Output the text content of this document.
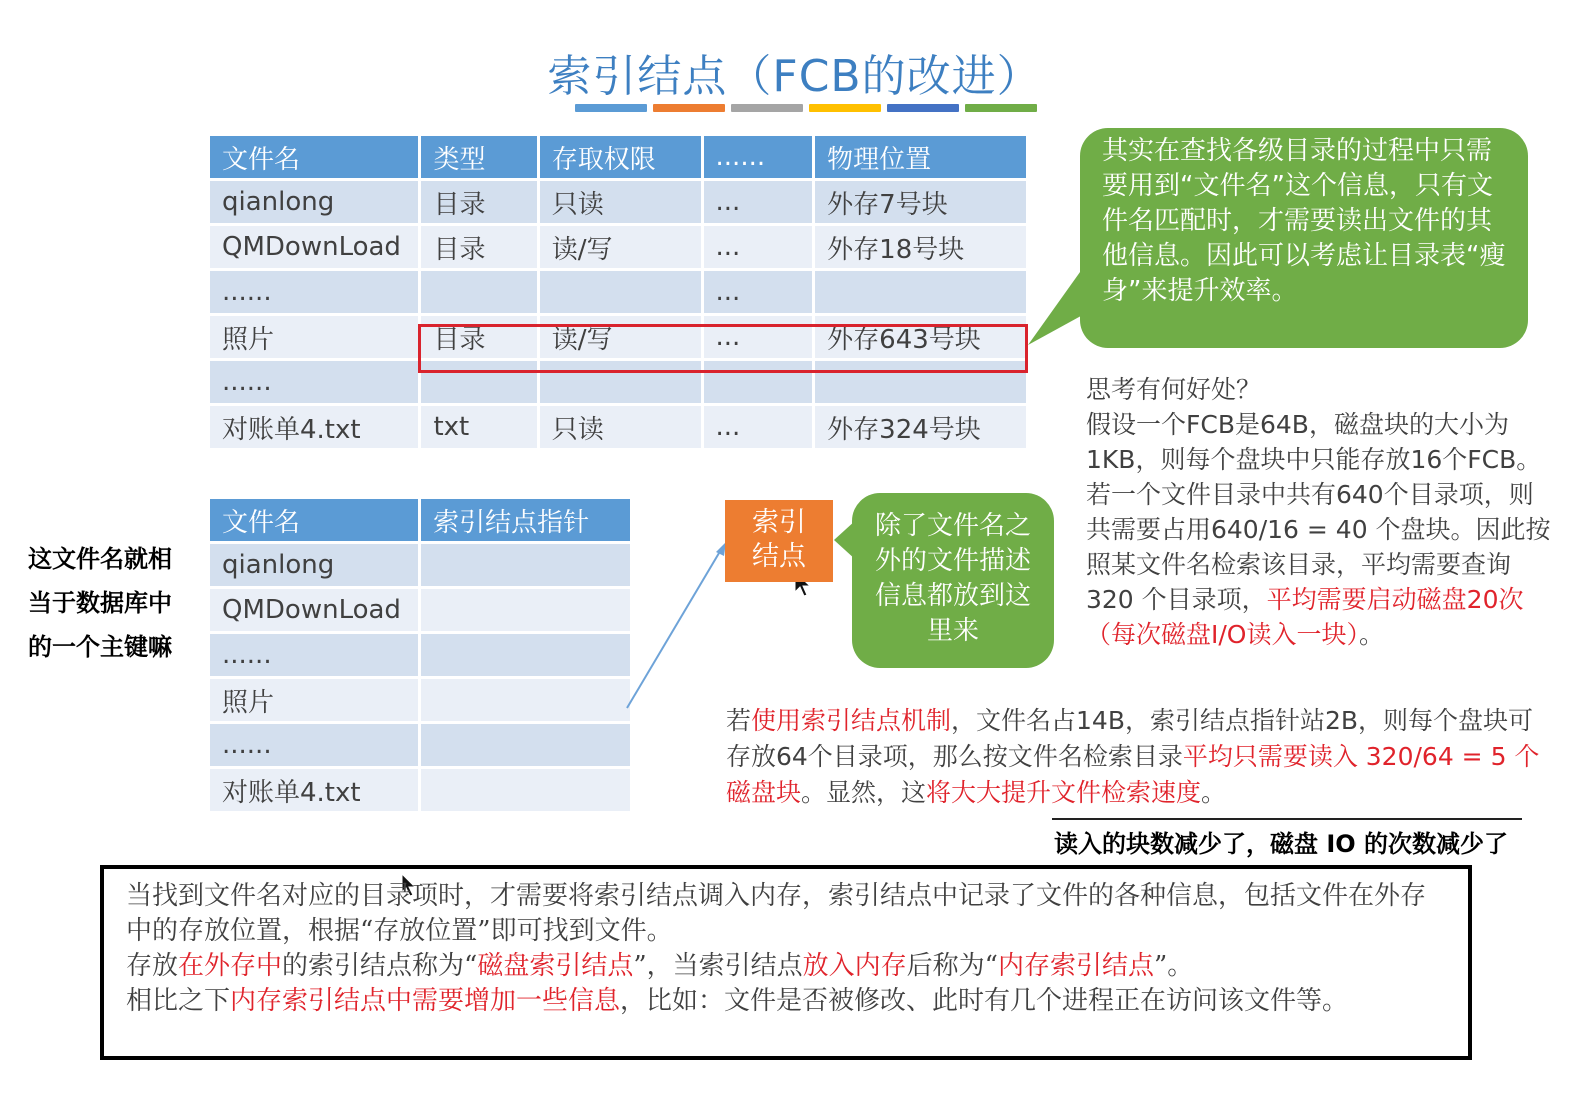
索引结点（FCB的改进）
文件名	类型	存取权限	......	物理位置
qianlong	目录	只读	...	外存7号块
QMDownLoad	目录	读/写	...	外存18号块
......			...	
照片	目录	读/写	...	外存643号块
......				
对账单4.txt	txt	只读	...	外存324号块
文件名	索引结点指针
qianlong	
QMDownLoad	
......	
照片	
......	
对账单4.txt	
其实在查找各级目录的过程中只需要用到“文件名”这个信息，只有文件名匹配时，才需要读出文件的其他信息。因此可以考虑让目录表“瘦身”来提升效率。
索引
结点
除了文件名之外的文件描述信息都放到这里来
这文件名就相当于数据库中的一个主键嘛
思考有何好处？
假设一个FCB是64B，磁盘块的大小为1KB，则每个盘块中只能存放16个FCB。若一个文件目录中共有640个目录项，则共需要占用640/16 = 40 个盘块。因此按照某文件名检索该目录，平均需要查询320 个目录项，平均需要启动磁盘20次（每次磁盘I/O读入一块）。
若使用索引结点机制，文件名占14B，索引结点指针站2B，则每个盘块可存放64个目录项，那么按文件名检索目录平均只需要读入 320/64 = 5 个磁盘块。显然，这将大大提升文件检索速度。
读入的块数减少了，磁盘 IO 的次数减少了

当找到文件名对应的目录项时，才需要将索引结点调入内存，索引结点中记录了文件的各种信息，包括文件在外存中的存放位置，根据“存放位置”即可找到文件。

存放在外存中的索引结点称为“磁盘索引结点”，当索引结点放入内存后称为“内存索引结点”。

相比之下内存索引结点中需要增加一些信息，比如：文件是否被修改、此时有几个进程正在访问该文件等。
